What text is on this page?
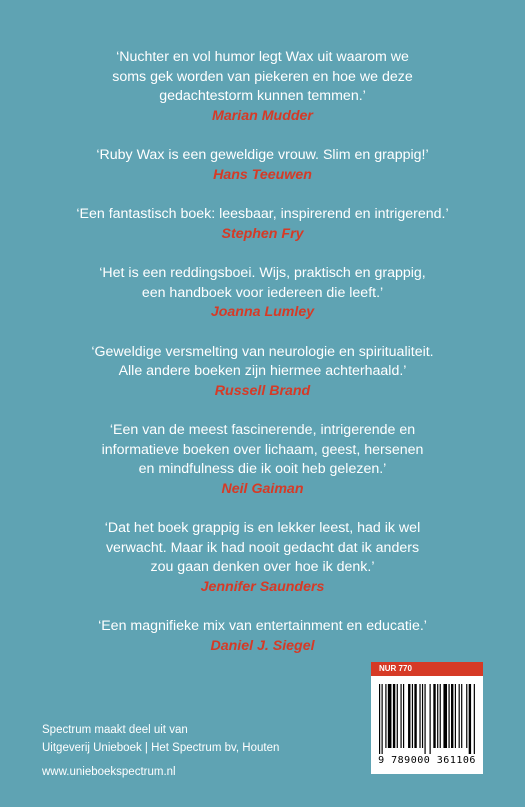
‘Nuchter en vol humor legt Wax uit waarom we
soms gek worden van piekeren en hoe we deze
gedachtestorm kunnen temmen.’
Marian Mudder
‘Ruby Wax is een geweldige vrouw. Slim en grappig!’
Hans Teeuwen
‘Een fantastisch boek: leesbaar, inspirerend en intrigerend.’
Stephen Fry
‘Het is een reddingsboei. Wijs, praktisch en grappig,
een handboek voor iedereen die leeft.’
Joanna Lumley
‘Geweldige versmelting van neurologie en spiritualiteit.
Alle andere boeken zijn hiermee achterhaald.’
Russell Brand
‘Een van de meest fascinerende, intrigerende en
informatieve boeken over lichaam, geest, hersenen
en mindfulness die ik ooit heb gelezen.’
Neil Gaiman
‘Dat het boek grappig is en lekker leest, had ik wel
verwacht. Maar ik had nooit gedacht dat ik anders
zou gaan denken over hoe ik denk.’
Jennifer Saunders
‘Een magnifieke mix van entertainment en educatie.’
Daniel J. Siegel
Spectrum maakt deel uit van
Uitgeverij Unieboek | Het Spectrum bv, Houten
www.unieboekspectrum.nl
NUR 770
9 789000 361106
